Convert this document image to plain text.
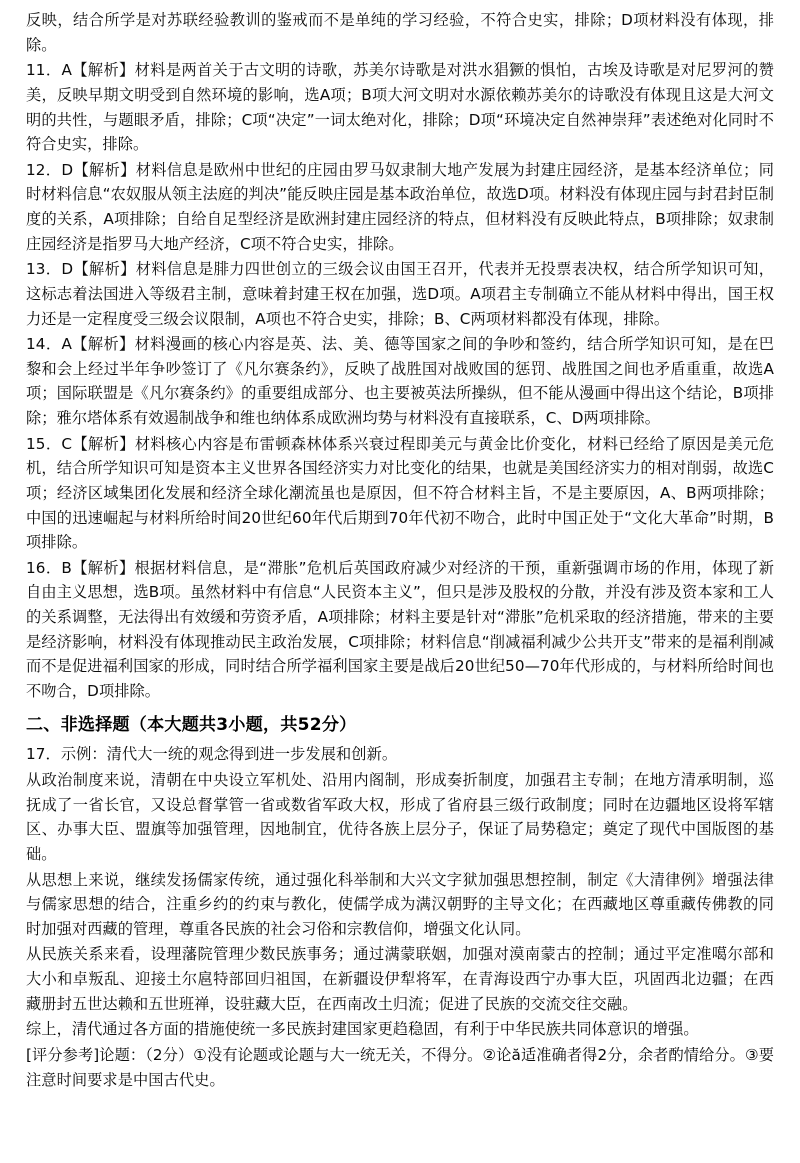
反映，结合所学是对苏联经验教训的鉴戒而不是单纯的学习经验，不符合史实，排除；D项材料没有体现，排除。

11．A【解析】材料是两首关于古文明的诗歌，苏美尔诗歌是对洪水猖獗的惧怕，古埃及诗歌是对尼罗河的赞美，反映早期文明受到自然环境的影响，选A项；B项大河文明对水源依赖苏美尔的诗歌没有体现且这是大河文明的共性，与题眼矛盾，排除；C项“决定”一词太绝对化，排除；D项“环境决定自然神崇拜”表述绝对化同时不符合史实，排除。

12．D【解析】材料信息是欧州中世纪的庄园由罗马奴隶制大地产发展为封建庄园经济，是基本经济单位；同时材料信息“农奴服从领主法庭的判决”能反映庄园是基本政治单位，故选D项。材料没有体现庄园与封君封臣制度的关系，A项排除；自给自足型经济是欧洲封建庄园经济的特点，但材料没有反映此特点，B项排除；奴隶制庄园经济是指罗马大地产经济，C项不符合史实，排除。

13．D【解析】材料信息是腓力四世创立的三级会议由国王召开，代表并无投票表决权，结合所学知识可知，这标志着法国进入等级君主制，意味着封建王权在加强，选D项。A项君主专制确立不能从材料中得出，国王权力还是一定程度受三级会议限制，A项也不符合史实，排除；B、C两项材料都没有体现，排除。

14．A【解析】材料漫画的核心内容是英、法、美、德等国家之间的争吵和签约，结合所学知识可知，是在巴黎和会上经过半年争吵签订了《凡尔赛条约》，反映了战胜国对战败国的惩罚、战胜国之间也矛盾重重，故选A项；国际联盟是《凡尔赛条约》的重要组成部分、也主要被英法所操纵，但不能从漫画中得出这个结论，B项排除；雅尔塔体系有效遏制战争和维也纳体系成欧洲均势与材料没有直接联系，C、D两项排除。

15．C【解析】材料核心内容是布雷顿森林体系兴衰过程即美元与黄金比价变化，材料已经给了原因是美元危机，结合所学知识可知是资本主义世界各国经济实力对比变化的结果，也就是美国经济实力的相对削弱，故选C项；经济区域集团化发展和经济全球化潮流虽也是原因，但不符合材料主旨，不是主要原因，A、B两项排除；中国的迅速崛起与材料所给时间20世纪60年代后期到70年代初不吻合，此时中国正处于“文化大革命”时期，B项排除。

16．B【解析】根据材料信息，是“滞胀”危机后英国政府减少对经济的干预，重新强调市场的作用，体现了新自由主义思想，选B项。虽然材料中有信息“人民资本主义”，但只是涉及股权的分散，并没有涉及资本家和工人的关系调整，无法得出有效缓和劳资矛盾，A项排除；材料主要是针对“滞胀”危机采取的经济措施，带来的主要是经济影响，材料没有体现推动民主政治发展，C项排除；材料信息“削减福利减少公共开支”带来的是福利削减而不是促进福利国家的形成，同时结合所学福利国家主要是战后20世纪50—70年代形成的，与材料所给时间也不吻合，D项排除。

二、非选择题（本大题共3小题，共52分）

17．示例：清代大一统的观念得到进一步发展和创新。

从政治制度来说，清朝在中央设立军机处、沿用内阁制，形成奏折制度，加强君主专制；在地方清承明制，巡抚成了一省长官，又设总督掌管一省或数省军政大权，形成了省府县三级行政制度；同时在边疆地区设将军辖区、办事大臣、盟旗等加强管理，因地制宜，优待各族上层分子，保证了局势稳定；奠定了现代中国版图的基础。

从思想上来说，继续发扬儒家传统，通过强化科举制和大兴文字狱加强思想控制，制定《大清律例》增强法律与儒家思想的结合，注重乡约的约束与教化，使儒学成为满汉朝野的主导文化；在西藏地区尊重藏传佛教的同时加强对西藏的管理，尊重各民族的社会习俗和宗教信仰，增强文化认同。

从民族关系来看，设理藩院管理少数民族事务；通过满蒙联姻，加强对漠南蒙古的控制；通过平定准噶尔部和大小和卓叛乱、迎接土尔扈特部回归祖国，在新疆设伊犁将军，在青海设西宁办事大臣，巩固西北边疆；在西藏册封五世达赖和五世班禅，设驻藏大臣，在西南改土归流；促进了民族的交流交往交融。

综上，清代通过各方面的措施使统一多民族封建国家更趋稳固，有利于中华民族共同体意识的增强。

[评分参考]论题：（2分）①没有论题或论题与大一统无关，不得分。②论ă适准确者得2分，余者酌情给分。③要注意时间要求是中国古代史。
